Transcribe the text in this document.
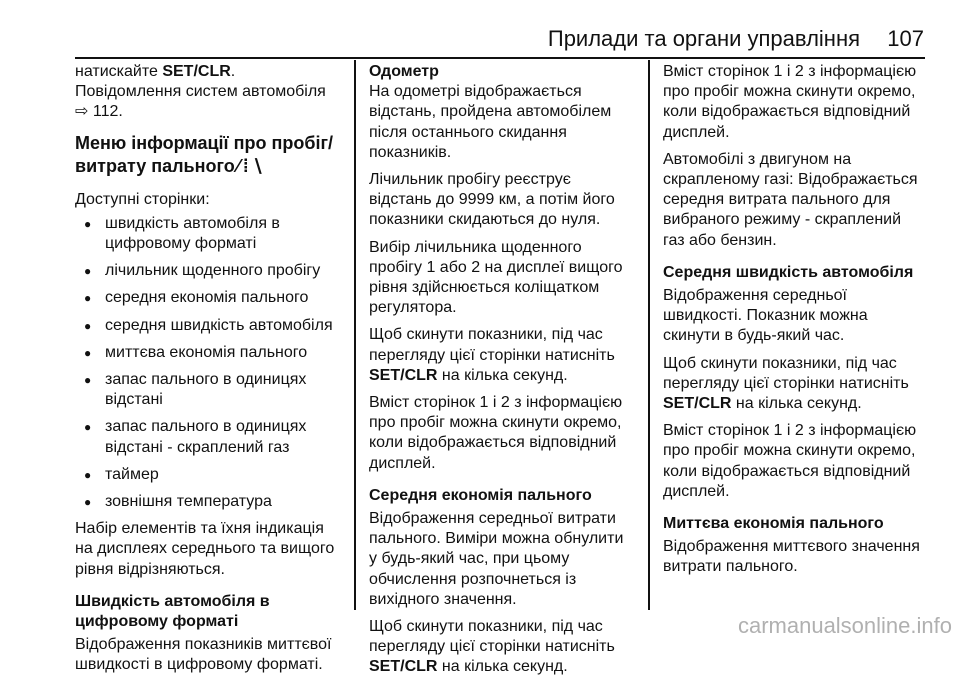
Прилади та органи управління 107

натискайте SET/CLR.
Повідомлення систем автомобіля
⇨ 112.

Меню інформації про пробіг/витрату пального ⁄⁞∖

Доступні сторінки:

● швидкість автомобіля в цифровому форматі
● лічильник щоденного пробігу
● середня економія пального
● середня швидкість автомобіля
● миттєва економія пального
● запас пального в одиницях відстані
● запас пального в одиницях відстані - скраплений газ
● таймер
● зовнішня температура

Набір елементів та їхня індикація на дисплеях середнього та вищого рівня відрізняються.

Швидкість автомобіля в цифровому форматі

Відображення показників миттєвої швидкості в цифровому форматі.

Одометр

На одометрі відображається відстань, пройдена автомобілем після останнього скидання показників.

Лічильник пробігу реєструє відстань до 9999 км, а потім його показники скидаються до нуля.

Вибір лічильника щоденного пробігу 1 або 2 на дисплеї вищого рівня здійснюється коліщатком регулятора.

Щоб скинути показники, під час перегляду цієї сторінки натисніть SET/CLR на кілька секунд.

Вміст сторінок 1 і 2 з інформацією про пробіг можна скинути окремо, коли відображається відповідний дисплей.

Середня економія пального

Відображення середньої витрати пального. Виміри можна обнулити у будь-який час, при цьому обчислення розпочнеться із вихідного значення.

Щоб скинути показники, під час перегляду цієї сторінки натисніть SET/CLR на кілька секунд.

Вміст сторінок 1 і 2 з інформацією про пробіг можна скинути окремо, коли відображається відповідний дисплей.

Автомобілі з двигуном на скрапленому газі: Відображається середня витрата пального для вибраного режиму - скраплений газ або бензин.

Середня швидкість автомобіля

Відображення середньої швидкості. Показник можна скинути в будь-який час.

Щоб скинути показники, під час перегляду цієї сторінки натисніть SET/CLR на кілька секунд.

Вміст сторінок 1 і 2 з інформацією про пробіг можна скинути окремо, коли відображається відповідний дисплей.

Миттєва економія пального

Відображення миттєвого значення витрати пального.

carmanualsonline.info
